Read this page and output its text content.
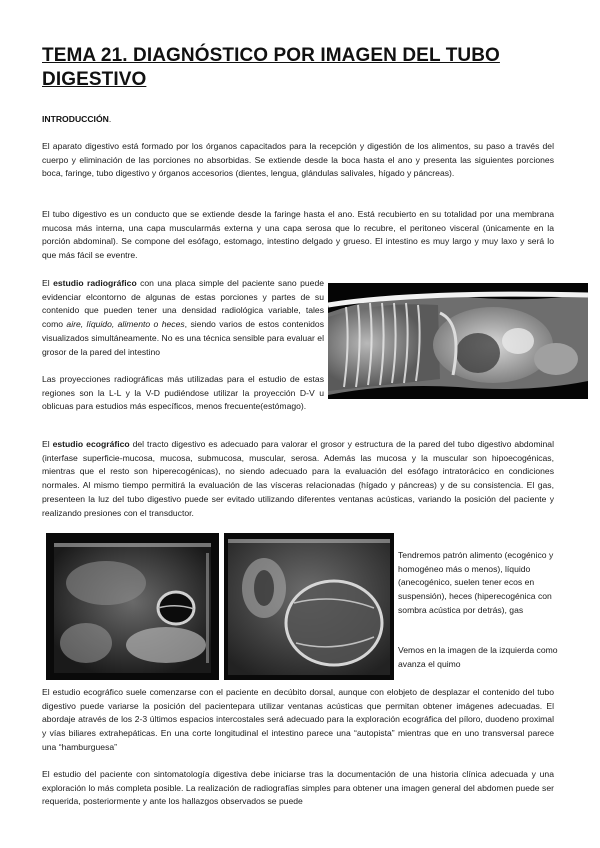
TEMA 21. DIAGNÓSTICO POR IMAGEN DEL TUBO DIGESTIVO
INTRODUCCIÓN.
El aparato digestivo está formado por los órganos capacitados para la recepción y digestión de los alimentos, su paso a través del cuerpo y eliminación de las porciones no absorbidas. Se extiende desde la boca hasta el ano y presenta las siguientes porciones boca, faringe, tubo digestivo y órganos accesorios (dientes, lengua, glándulas salivales, hígado y páncreas).
El tubo digestivo es un conducto que se extiende desde la faringe hasta el ano. Está recubierto en su totalidad por una membrana mucosa más interna, una capa muscularmás externa y una capa serosa que lo recubre, el peritoneo visceral (únicamente en la porción abdominal). Se compone del esófago, estomago, intestino delgado y grueso. El intestino es muy largo y muy laxo y será lo que más fácil se eventre.
El estudio radiográfico con una placa simple del paciente sano puede evidenciar elcontorno de algunas de estas porciones y partes de su contenido que pueden tener una densidad radiológica variable, tales como aire, líquido, alimento o heces, siendo varios de estos contenidos visualizados simultáneamente. No es una técnica sensible para evaluar el grosor de la pared del intestino
Las proyecciones radiográficas más utilizadas para el estudio de estas regiones son la L-L y la V-D pudiéndose utilizar la proyección D-V u oblicuas para estudios más específicos, menos frecuente(estómago).
El estudio ecográfico del tracto digestivo es adecuado para valorar el grosor y estructura de la pared del tubo digestivo abdominal (interfase superficie-mucosa, mucosa, submucosa, muscular, serosa. Además las mucosa y la muscular son hipoecogénicas, mientras que el resto son hiperecogénicas), no siendo adecuado para la evaluación del esófago intratorácico en condiciones normales. Al mismo tiempo permitirá la evaluación de las vísceras relacionadas (hígado y páncreas) y de su consistencia. El gas, presenteen la luz del tubo digestivo puede ser evitado utilizando diferentes ventanas acústicas, variando la posición del paciente y realizando presiones con el transductor.
Tendremos patrón alimento (ecogénico y homogéneo más o menos), líquido (anecogénico, suelen tener ecos en suspensión), heces (hiperecogénica con sombra acústica por detrás), gas
Vemos en la imagen de la izquierda como avanza el quimo
El estudio ecográfico suele comenzarse con el paciente en decúbito dorsal, aunque con elobjeto de desplazar el contenido del tubo digestivo puede variarse la posición del pacientepara utilizar ventanas acústicas que permitan obtener imágenes adecuadas. El abordaje através de los 2-3 últimos espacios intercostales será adecuado para la exploración ecográfica del píloro, duodeno proximal y vías biliares extrahepáticas. En una corte longitudinal el intestino parece una “autopista” mientras que en uno transversal parece una “hamburguesa”
El estudio del paciente con sintomatología digestiva debe iniciarse tras la documentación de una historia clínica adecuada y una exploración lo más completa posible. La realización de radiografías simples para obtener una imagen general del abdomen puede ser requerida, posteriormente y ante los hallazgos observados se puede
